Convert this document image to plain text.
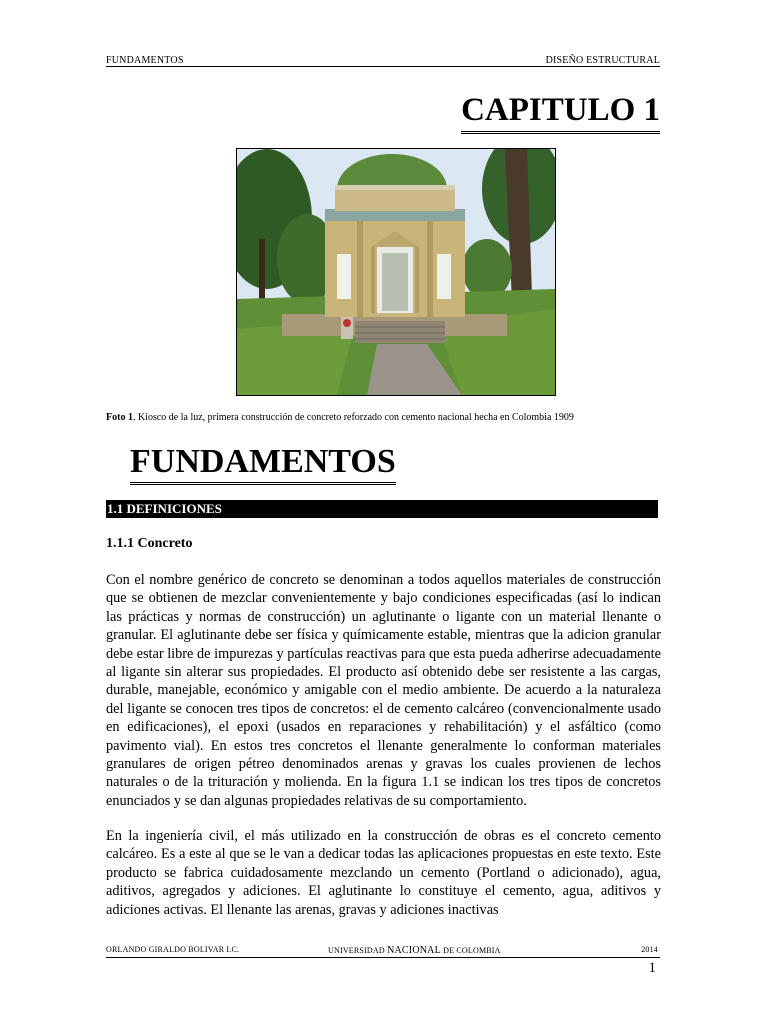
FUNDAMENTOS	DISEÑO ESTRUCTURAL
CAPITULO 1
Foto 1. Kiosco de la luz, primera construcción de concreto reforzado con cemento nacional hecha en Colombia 1909
FUNDAMENTOS
1.1 DEFINICIONES
1.1.1 Concreto
Con el nombre genérico de concreto se denominan a todos aquellos materiales de construcción que se obtienen de mezclar convenientemente y bajo condiciones especificadas (así lo indican las prácticas y normas de construcción) un aglutinante o ligante con un material llenante o granular. El aglutinante debe ser física y químicamente estable, mientras que la adicion granular debe estar libre de impurezas y partículas reactivas para que esta pueda adherirse adecuadamente al ligante sin alterar sus propiedades. El producto así obtenido debe ser resistente a las cargas, durable, manejable, económico y amigable con el medio ambiente. De acuerdo a la naturaleza del ligante se conocen tres tipos de concretos: el de cemento calcáreo (convencionalmente usado en edificaciones), el epoxi (usados en reparaciones y rehabilitación) y el asfáltico (como pavimento vial). En estos tres concretos el llenante generalmente lo conforman materiales granulares de origen pétreo denominados arenas y gravas los cuales provienen de lechos naturales o de la trituración y molienda. En la figura 1.1 se indican los tres tipos de concretos enunciados y se dan algunas propiedades relativas de su comportamiento.
En la ingeniería civil, el más utilizado en la construcción de obras es el concreto cemento calcáreo. Es a este al que se le van a dedicar todas las aplicaciones propuestas en este texto. Este producto se fabrica cuidadosamente mezclando un cemento (Portland o adicionado), agua, aditivos, agregados y adiciones. El aglutinante lo constituye el cemento, agua, aditivos y adiciones activas. El llenante las arenas, gravas y adiciones inactivas
ORLANDO GIRALDO BOLIVAR I.C.	UNIVERSIDAD NACIONAL DE COLOMBIA	2014
1
